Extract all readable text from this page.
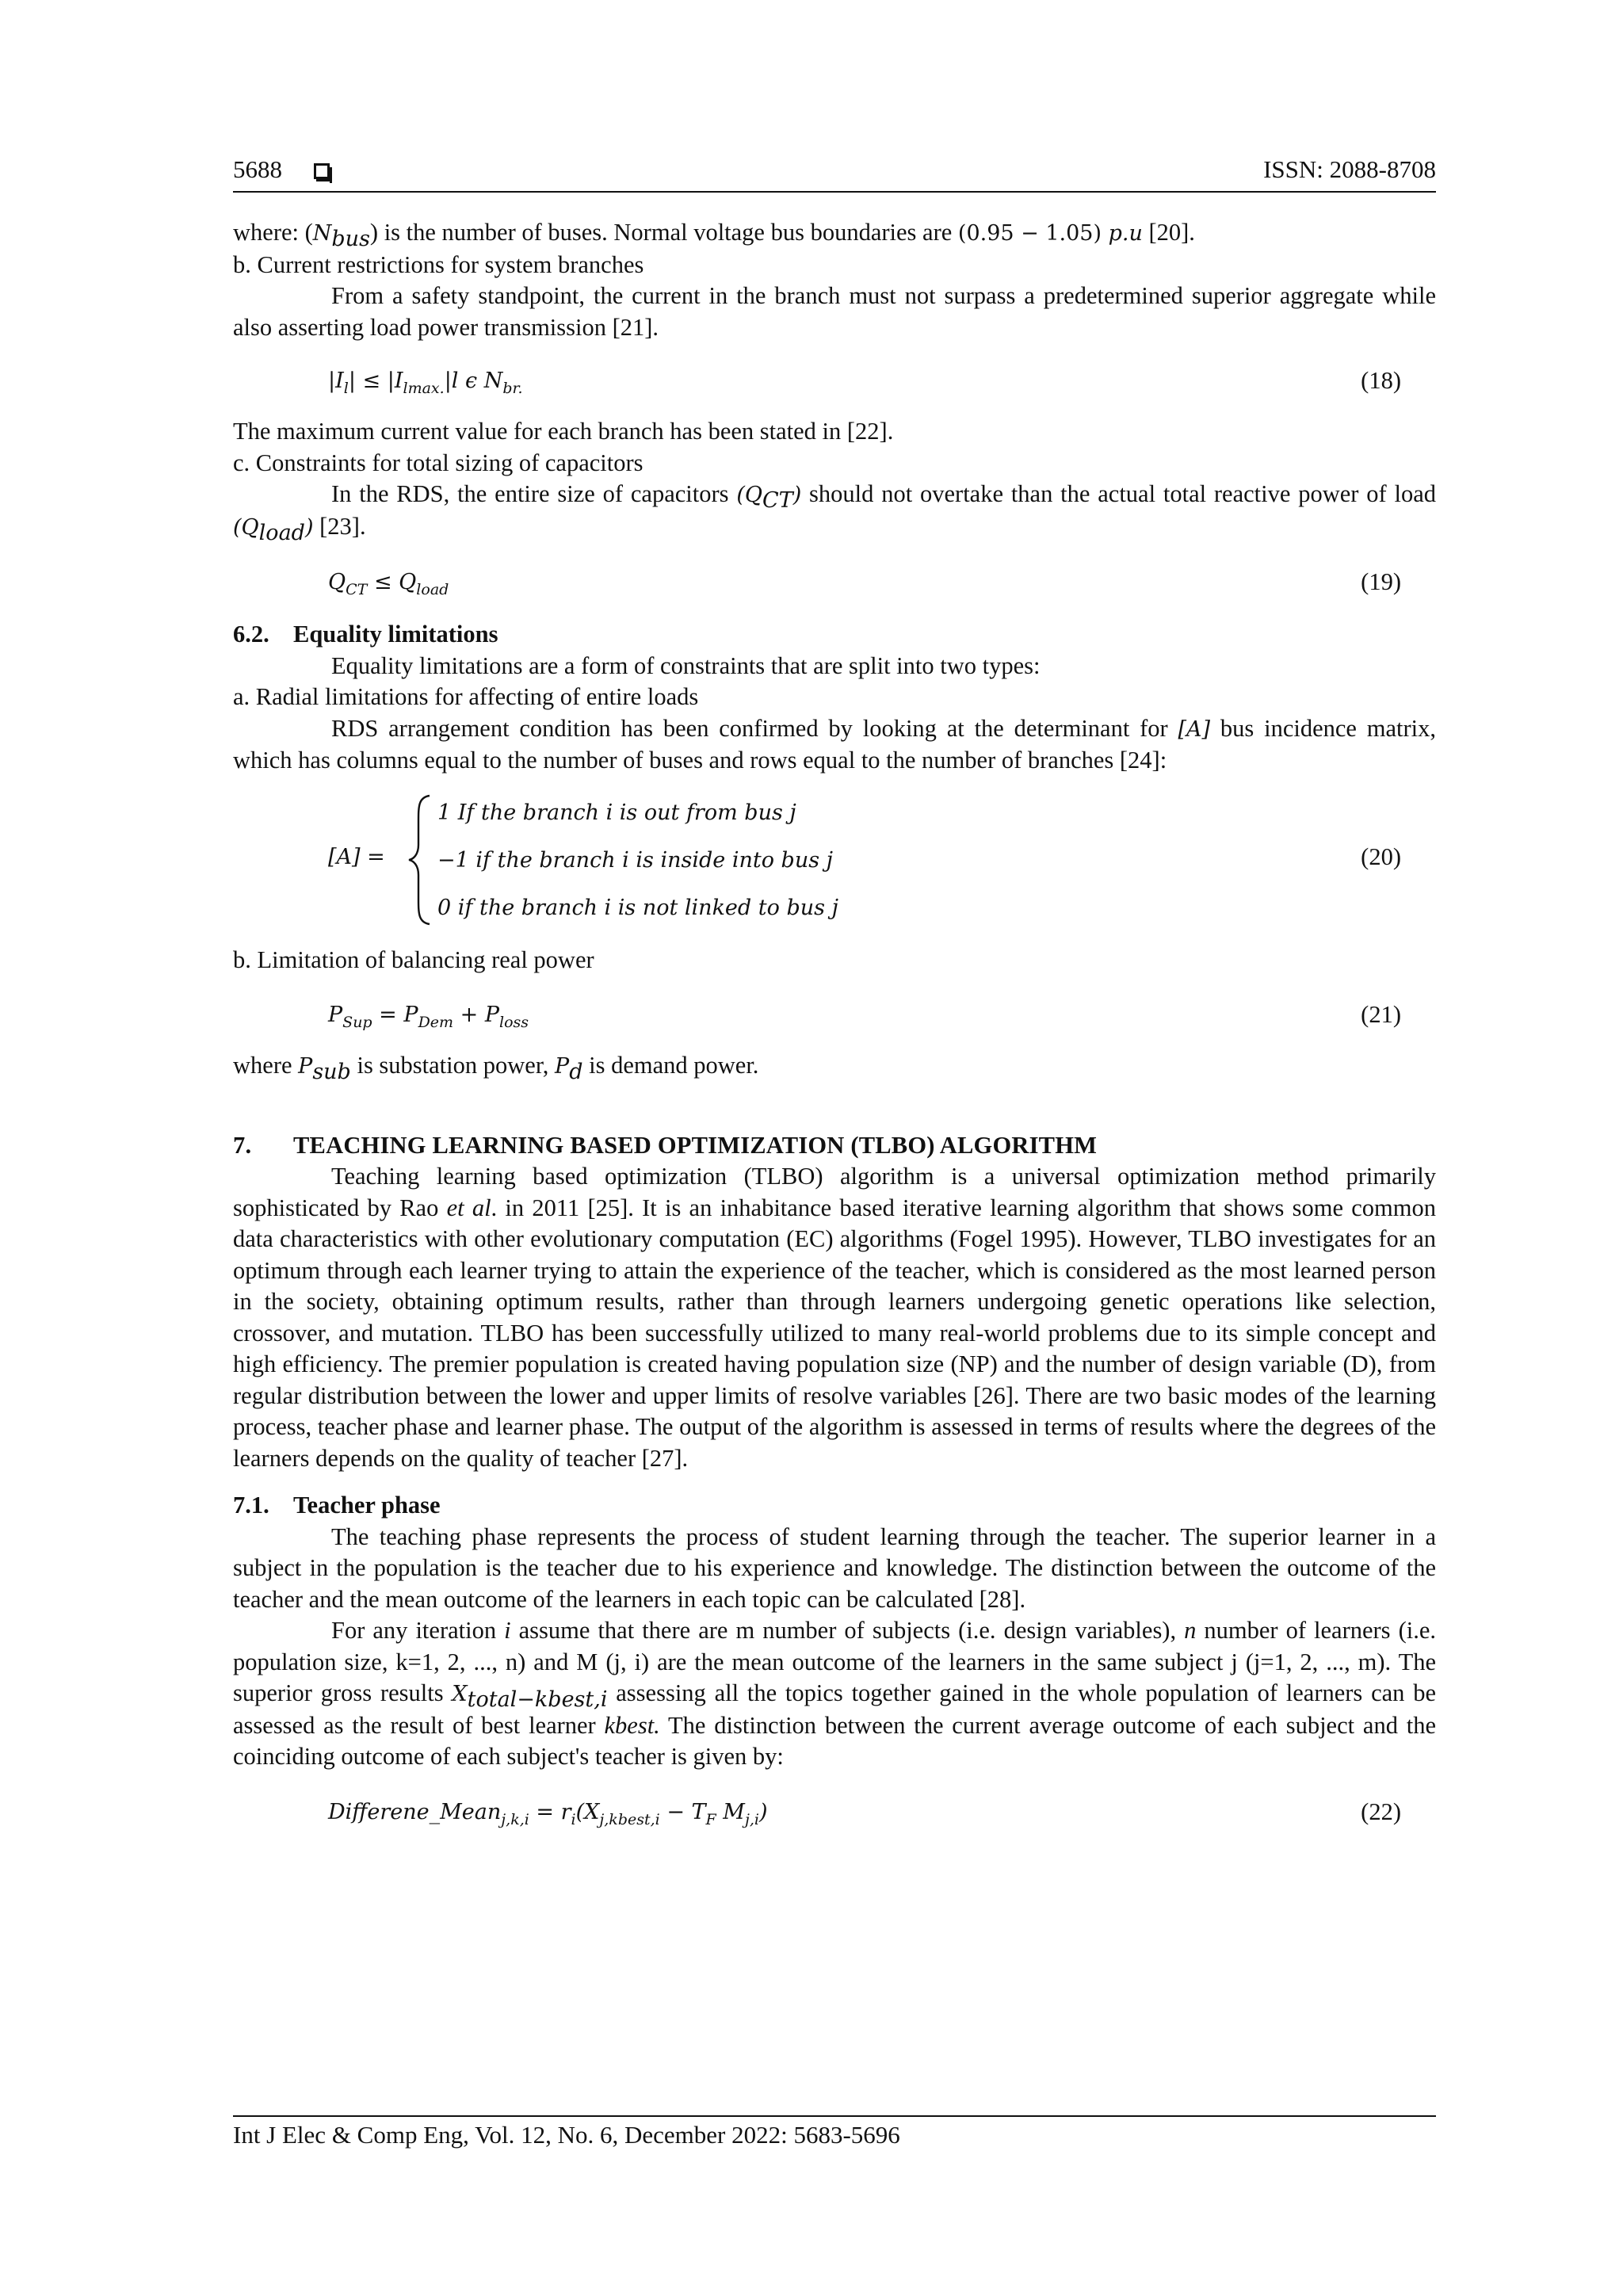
5688	ISSN: 2088-8708

where: $(N_{bus})$ is the number of buses. Normal voltage bus boundaries are (0.95 − 1.05) p.u [20].

b. Current restrictions for system branches

From a safety standpoint, the current in the branch must not surpass a predetermined superior aggregate while also asserting load power transmission [21].

$|I_l| \le |I_{lmax.}|l$ ϵ $N_{br.}$	(18)

The maximum current value for each branch has been stated in [22].

c. Constraints for total sizing of capacitors

In the RDS, the entire size of capacitors $(Q_{CT})$ should not overtake than the actual total reactive power of load $(Q_{load})$ [23].

$Q_{CT} \le Q_{load}$	(19)

6.2. Equality limitations

Equality limitations are a form of constraints that are split into two types:

a. Radial limitations for affecting of entire loads

RDS arrangement condition has been confirmed by looking at the determinant for [A] bus incidence matrix, which has columns equal to the number of buses and rows equal to the number of branches [24]:

[A] =
1 If the branch i is out from bus j
−1 if the branch i is inside into bus j
0 if the branch i is not linked to bus j
(20)

b. Limitation of balancing real power

$P_{Sup} = P_{Dem} + P_{loss}$	(21)

where $P_{sub}$ is substation power, $P_d$ is demand power.

7. TEACHING LEARNING BASED OPTIMIZATION (TLBO) ALGORITHM

Teaching learning based optimization (TLBO) algorithm is a universal optimization method primarily sophisticated by Rao et al. in 2011 [25]. It is an inhabitance based iterative learning algorithm that shows some common data characteristics with other evolutionary computation (EC) algorithms (Fogel 1995). However, TLBO investigates for an optimum through each learner trying to attain the experience of the teacher, which is considered as the most learned person in the society, obtaining optimum results, rather than through learners undergoing genetic operations like selection, crossover, and mutation. TLBO has been successfully utilized to many real-world problems due to its simple concept and high efficiency. The premier population is created having population size (NP) and the number of design variable (D), from regular distribution between the lower and upper limits of resolve variables [26]. There are two basic modes of the learning process, teacher phase and learner phase. The output of the algorithm is assessed in terms of results where the degrees of the learners depends on the quality of teacher [27].

7.1. Teacher phase

The teaching phase represents the process of student learning through the teacher. The superior learner in a subject in the population is the teacher due to his experience and knowledge. The distinction between the outcome of the teacher and the mean outcome of the learners in each topic can be calculated [28].

For any iteration i assume that there are m number of subjects (i.e. design variables), n number of learners (i.e. population size, k=1, 2, ..., n) and M (j, i) are the mean outcome of the learners in the same subject j (j=1, 2, ..., m). The superior gross results $X_{total-kbest,i}$ assessing all the topics together gained in the whole population of learners can be assessed as the result of best learner kbest. The distinction between the current average outcome of each subject and the coinciding outcome of each subject's teacher is given by:

Differene_Mean$_{j,k,i}$ = $r_i(X_{j,kbest,i} - T_F$ $M_{j,i}$)	(22)
Int J Elec & Comp Eng, Vol. 12, No. 6, December 2022: 5683-5696
